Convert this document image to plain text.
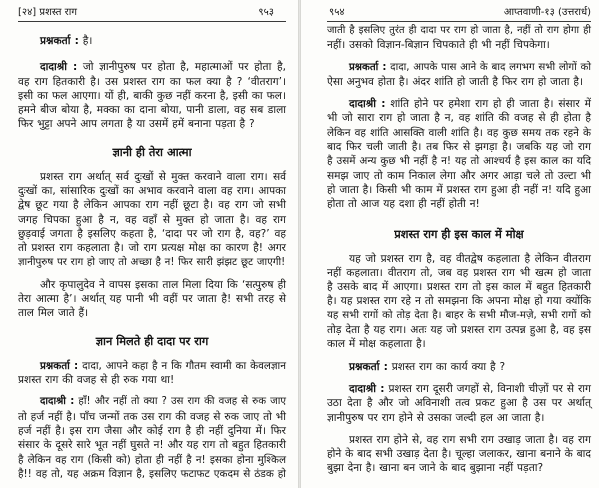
[२४] प्रशस्त राग	९५३
प्रश्नकर्ता : है।
दादाश्री : जो ज्ञानीपुरुष पर होता है, महात्माओं पर होता है,
वह राग हितकारी है। उस प्रशस्त राग का फल क्या है ? ‘वीतराग’।
इसी का फल आएगा। यों ही, बाकी कुछ नहीं करना है, इसी का फल।
हमने बीज बोया है, मक्का का दाना बोया, पानी डाला, वह सब डाला
फिर भुट्टा अपने आप लगता है या उसमें हमें बनाना पड़ता है ?
ज्ञानी ही तेरा आत्मा
प्रशस्त राग अर्थात् सर्व दुःखों से मुक्त करवाने वाला राग। सर्व
दुःखों का, सांसारिक दुःखों का अभाव करवाने वाला वह राग। आपका
द्वेष छूट गया है लेकिन आपका राग नहीं छूटा है। वह राग जो सभी
जगह चिपका हुआ है न, वह वहाँ से मुक्त हो जाता है। वह राग
छुड़वाई जगता है इसलिए कहता है, ‘दादा पर जो राग है, वह?’ वह
तो प्रशस्त राग कहलाता है। जो राग प्रत्यक्ष मोक्ष का कारण है! अगर
ज्ञानीपुरुष पर राग हो जाए तो अच्छा है न! फिर सारी झंझट छूट जाएगी!
और कृपालुदेव ने वापस इसका ताल मिला दिया कि ‘सत्पुरुष ही
तेरा आत्मा है’। अर्थात् यह पानी भी वहीं पर जाता है! सभी तरह से
ताल मिल जाते हैं।
ज्ञान मिलते ही दादा पर राग
प्रश्नकर्ता : दादा, आपने कहा है न कि गौतम स्वामी का केवलज्ञान
प्रशस्त राग की वजह से ही रुक गया था!
दादाश्री : हाँ! और नहीं तो क्या ? उस राग की वजह से रुक जाए
तो हर्ज नहीं है। पाँच जन्मों तक उस राग की वजह से रुक जाए तो भी
हर्ज नहीं है। इस राग जैसा और कोई राग है ही नहीं दुनिया में। फिर
संसार के दूसरे सारे भूत नहीं घुसते न! और यह राग तो बहुत हितकारी
है लेकिन वह राग (किसी को) होता ही नहीं है न! इसका होना मुश्किल
है!! वह तो, यह अक्रम विज्ञान है, इसलिए फटाफट एकदम से ठंडक हो
९५४	आप्तवाणी-१३ (उत्तरार्ध)
जाती है इसलिए तुरंत ही दादा पर राग हो जाता है, नहीं तो राग होगा ही
नहीं। उसको विज्ञान-बिज्ञान चिपकाते ही भी नहीं चिपकेगा।
प्रश्नकर्ता : दादा, आपके पास आने के बाद लगभग सभी लोगों को
ऐसा अनुभव होता है। अंदर शांति हो जाती है फिर राग हो जाता है।
दादाश्री : शांति होने पर हमेशा राग हो ही जाता है। संसार में
भी जो सारा राग हो जाता है न, वह शांति की वजह से ही होता है
लेकिन वह शांति आसक्ति वाली शांति है। वह कुछ समय तक रहने के
बाद फिर चली जाती है। तब फिर से झगड़ा है। जबकि यह जो राग
है उसमें अन्य कुछ भी नहीं है न! यह तो आश्चर्य है इस काल का यदि
समझ जाए तो काम निकाल लेगा और अगर आड़ा चले तो उल्टा भी
हो जाता है। किसी भी काम में प्रशस्त राग हुआ ही नहीं न! यदि हुआ
होता तो आज यह दशा ही नहीं होती न!
प्रशस्त राग ही इस काल में मोक्ष
यह जो प्रशस्त राग है, वह वीतद्वेष कहलाता है लेकिन वीतराग
नहीं कहलाता। वीतराग तो, जब वह प्रशस्त राग भी खत्म हो जाता
है उसके बाद में आएगा। प्रशस्त राग तो इस काल में बहुत हितकारी
है। यह प्रशस्त राग रहे न तो समझना कि अपना मोक्ष हो गया क्योंकि
यह सभी रागों को तोड़ देता है। बाहर के सभी मौज-मज़े, सभी रागों को
तोड़ देता है यह राग। अतः यह जो प्रशस्त राग उत्पन्न हुआ है, वह इस
काल में मोक्ष कहलाता है।
प्रश्नकर्ता : प्रशस्त राग का कार्य क्या है ?
दादाश्री : प्रशस्त राग दूसरी जगहों से, विनाशी चीज़ों पर से राग
उठा देता है और जो अविनाशी तत्व प्रकट हुआ है उस पर अर्थात्
ज्ञानीपुरुष पर राग होने से उसका जल्दी हल आ जाता है।
प्रशस्त राग होने से, वह राग सभी राग उखाड़ जाता है। वह राग
होने के बाद सभी उखाड़ देता है। चूल्हा जलाकर, खाना बनाने के बाद
बुझा देना है। खाना बन जाने के बाद बुझाना नहीं पड़ता?
